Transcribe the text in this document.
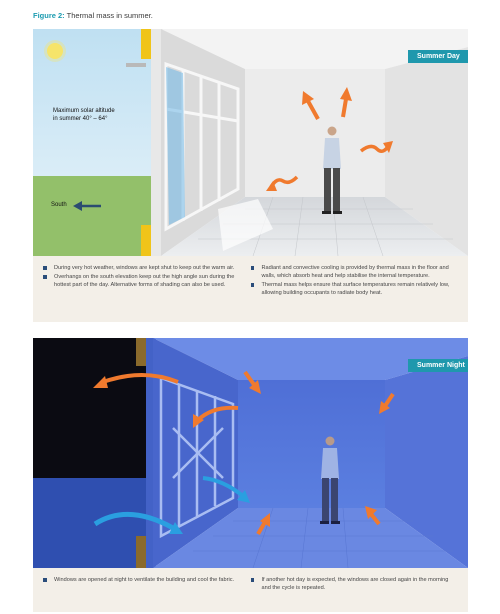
Figure 2: Thermal mass in summer.
Summer Day
Maximum solar altitude
in summer 40° – 64°
South
During very hot weather, windows are kept shut to keep out the warm air.
Overhangs on the south elevation keep out the high angle sun during the hottest part of the day. Alternative forms of shading can also be used.
Radiant and convective cooling is provided by thermal mass in the floor and walls, which absorb heat and help stabilise the internal temperature.
Thermal mass helps ensure that surface temperatures remain relatively low, allowing building occupants to radiate body heat.
Summer Night
Windows are opened at night to ventilate the building and cool the fabric.	If another hot day is expected, the windows are closed again in the morning and the cycle is repeated.
